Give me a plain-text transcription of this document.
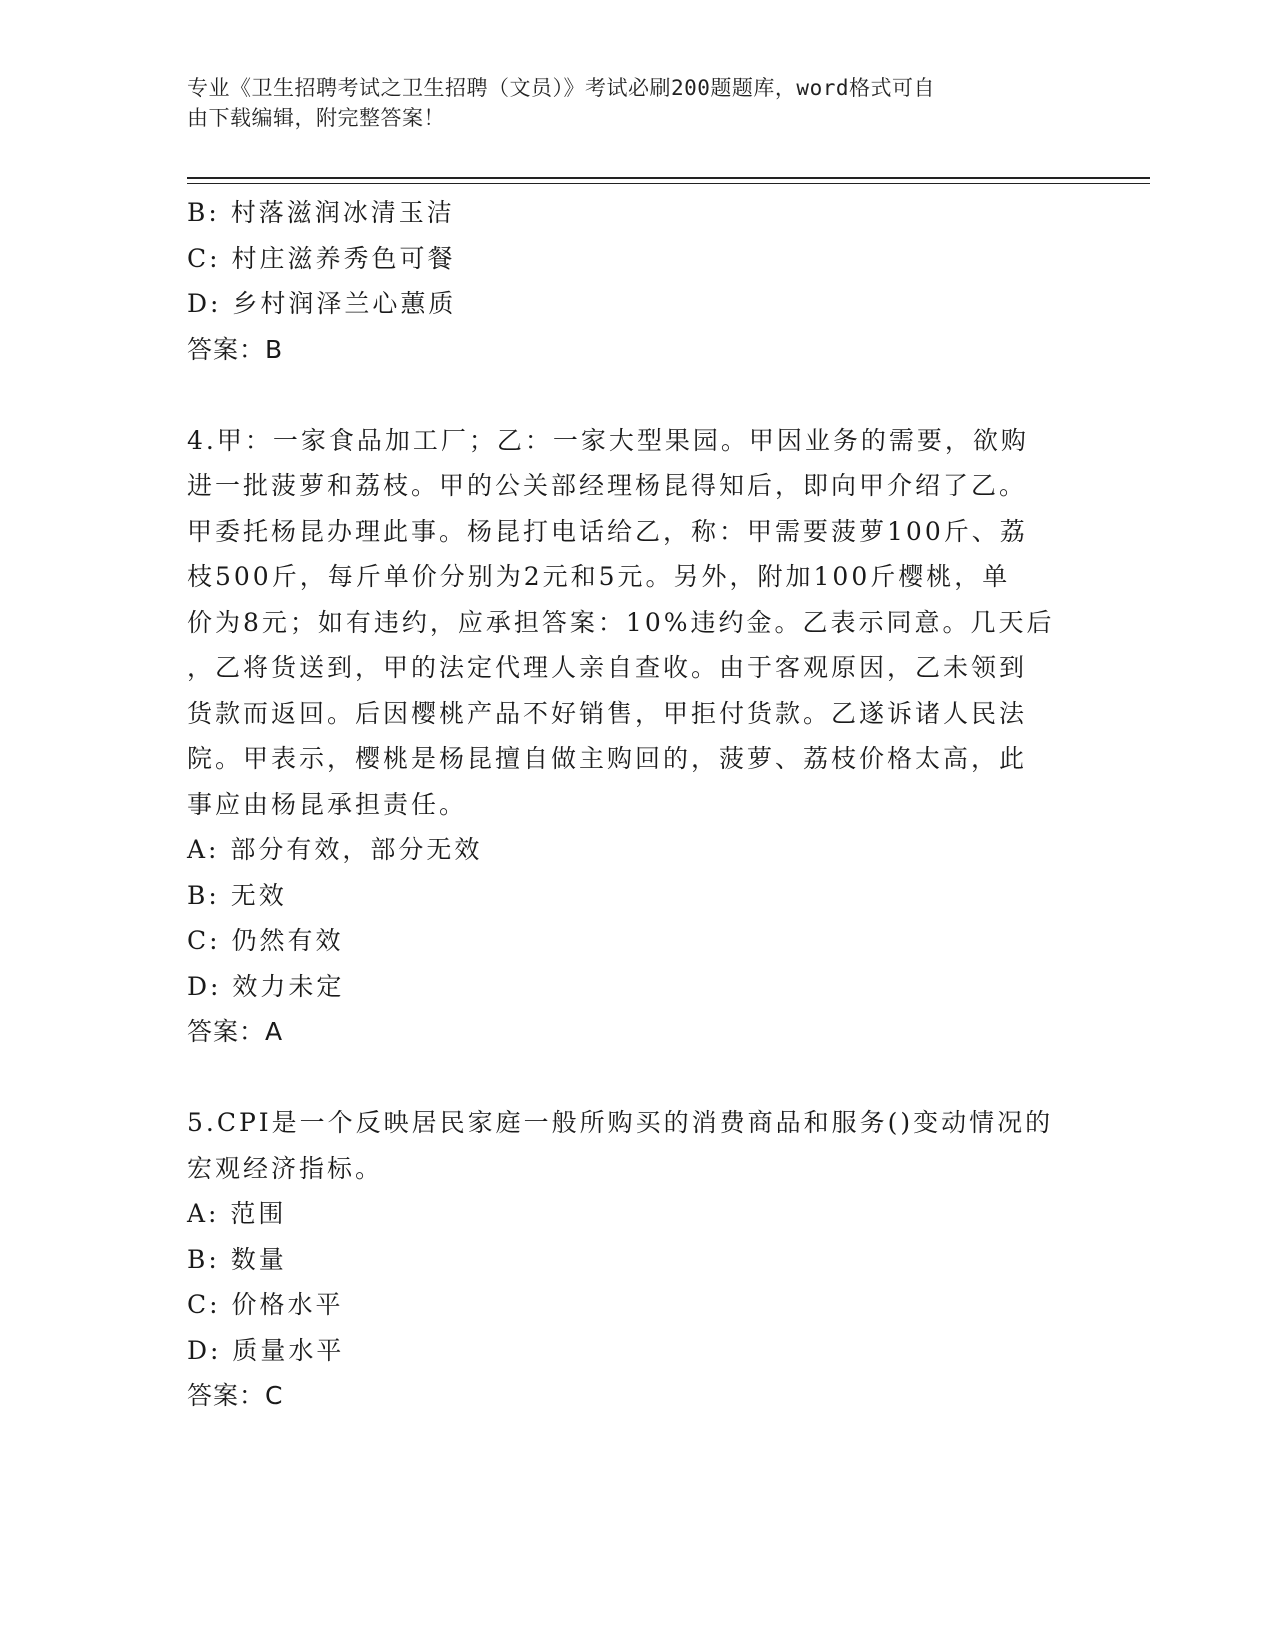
专业《卫生招聘考试之卫生招聘（文员）》考试必刷200题题库，word格式可自
由下载编辑，附完整答案！
B: 村落滋润冰清玉洁
C: 村庄滋养秀色可餐
D: 乡村润泽兰心蕙质
答案：B
4.甲：一家食品加工厂；乙：一家大型果园。甲因业务的需要，欲购
进一批菠萝和荔枝。甲的公关部经理杨昆得知后，即向甲介绍了乙。
甲委托杨昆办理此事。杨昆打电话给乙，称：甲需要菠萝100斤、荔
枝500斤，每斤单价分别为2元和5元。另外，附加100斤樱桃，单
价为8元；如有违约，应承担答案：10%违约金。乙表示同意。几天后
，乙将货送到，甲的法定代理人亲自查收。由于客观原因，乙未领到
货款而返回。后因樱桃产品不好销售，甲拒付货款。乙遂诉诸人民法
院。甲表示，樱桃是杨昆擅自做主购回的，菠萝、荔枝价格太高，此
事应由杨昆承担责任。
A: 部分有效，部分无效
B: 无效
C: 仍然有效
D: 效力未定
答案：A
5.CPI是一个反映居民家庭一般所购买的消费商品和服务()变动情况的
宏观经济指标。
A: 范围
B: 数量
C: 价格水平
D: 质量水平
答案：C
